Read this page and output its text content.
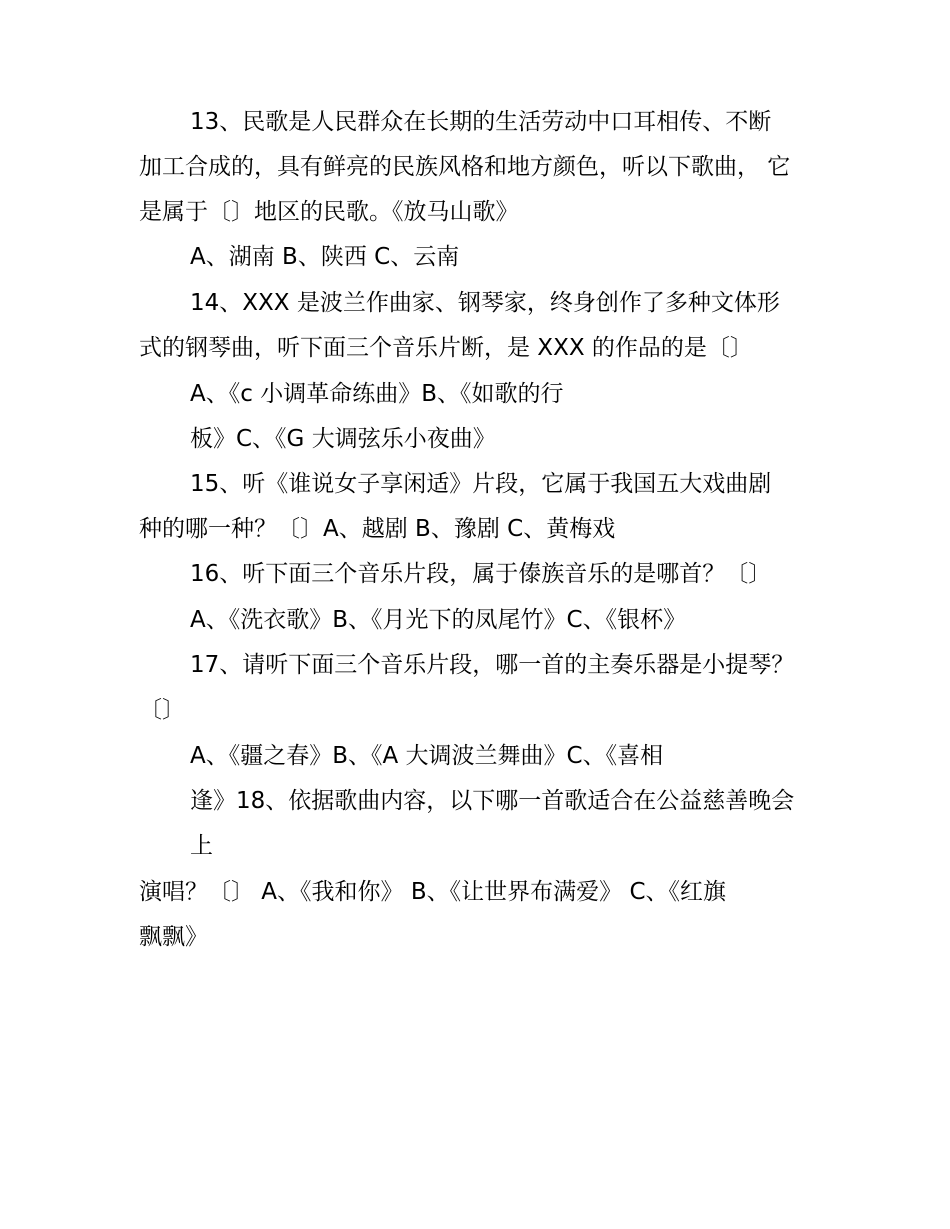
13、民歌是人民群众在长期的生活劳动中口耳相传、不断

加工合成的，具有鲜亮的民族风格和地方颜色，听以下歌曲， 它

是属于〔〕地区的民歌。《放马山歌》

A、湖南 B、陕西 C、云南

14、XXX 是波兰作曲家、钢琴家，终身创作了多种文体形

式的钢琴曲，听下面三个音乐片断，是 XXX 的作品的是〔〕

A、《c 小调革命练曲》B、《如歌的行

板》C、《G 大调弦乐小夜曲》

15、听《谁说女子享闲适》片段，它属于我国五大戏曲剧

种的哪一种？〔〕A、越剧 B、豫剧 C、黄梅戏

16、听下面三个音乐片段，属于傣族音乐的是哪首？〔〕

A、《洗衣歌》B、《月光下的凤尾竹》C、《银杯》

17、请听下面三个音乐片段，哪一首的主奏乐器是小提琴？

〔〕

A、《疆之春》B、《A 大调波兰舞曲》C、《喜相

逢》18、依据歌曲内容，以下哪一首歌适合在公益慈善晚会

上

演唱？〔〕 A、《我和你》 B、《让世界布满爱》 C、《红旗

飘飘》
